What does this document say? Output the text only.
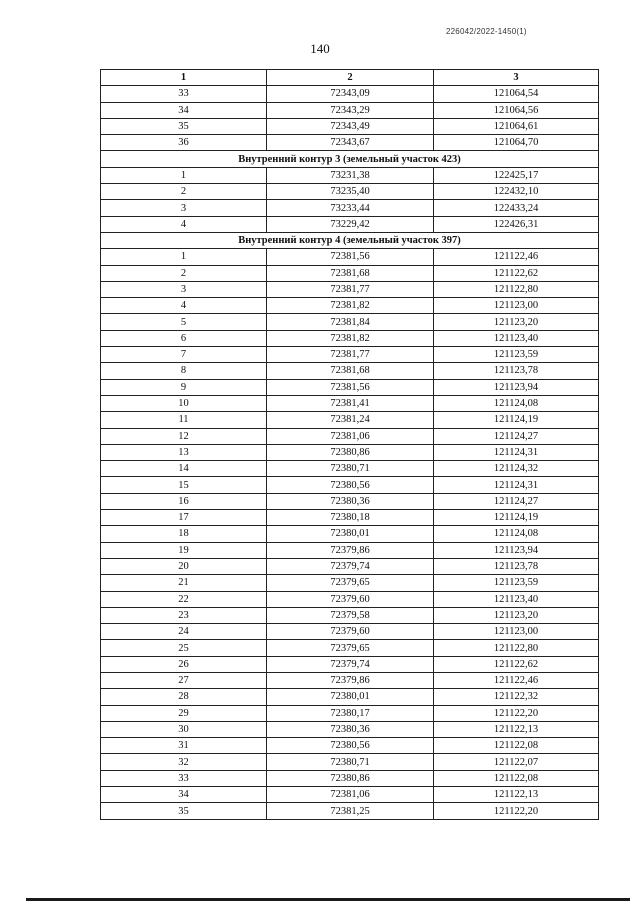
226042/2022-1450(1)
140
1	2	3
33	72343,09	121064,54
34	72343,29	121064,56
35	72343,49	121064,61
36	72343,67	121064,70
Внутренний контур 3 (земельный участок 423)		
1	73231,38	122425,17
2	73235,40	122432,10
3	73233,44	122433,24
4	73229,42	122426,31
Внутренний контур 4 (земельный участок 397)		
1	72381,56	121122,46
2	72381,68	121122,62
3	72381,77	121122,80
4	72381,82	121123,00
5	72381,84	121123,20
6	72381,82	121123,40
7	72381,77	121123,59
8	72381,68	121123,78
9	72381,56	121123,94
10	72381,41	121124,08
11	72381,24	121124,19
12	72381,06	121124,27
13	72380,86	121124,31
14	72380,71	121124,32
15	72380,56	121124,31
16	72380,36	121124,27
17	72380,18	121124,19
18	72380,01	121124,08
19	72379,86	121123,94
20	72379,74	121123,78
21	72379,65	121123,59
22	72379,60	121123,40
23	72379,58	121123,20
24	72379,60	121123,00
25	72379,65	121122,80
26	72379,74	121122,62
27	72379,86	121122,46
28	72380,01	121122,32
29	72380,17	121122,20
30	72380,36	121122,13
31	72380,56	121122,08
32	72380,71	121122,07
33	72380,86	121122,08
34	72381,06	121122,13
35	72381,25	121122,20
